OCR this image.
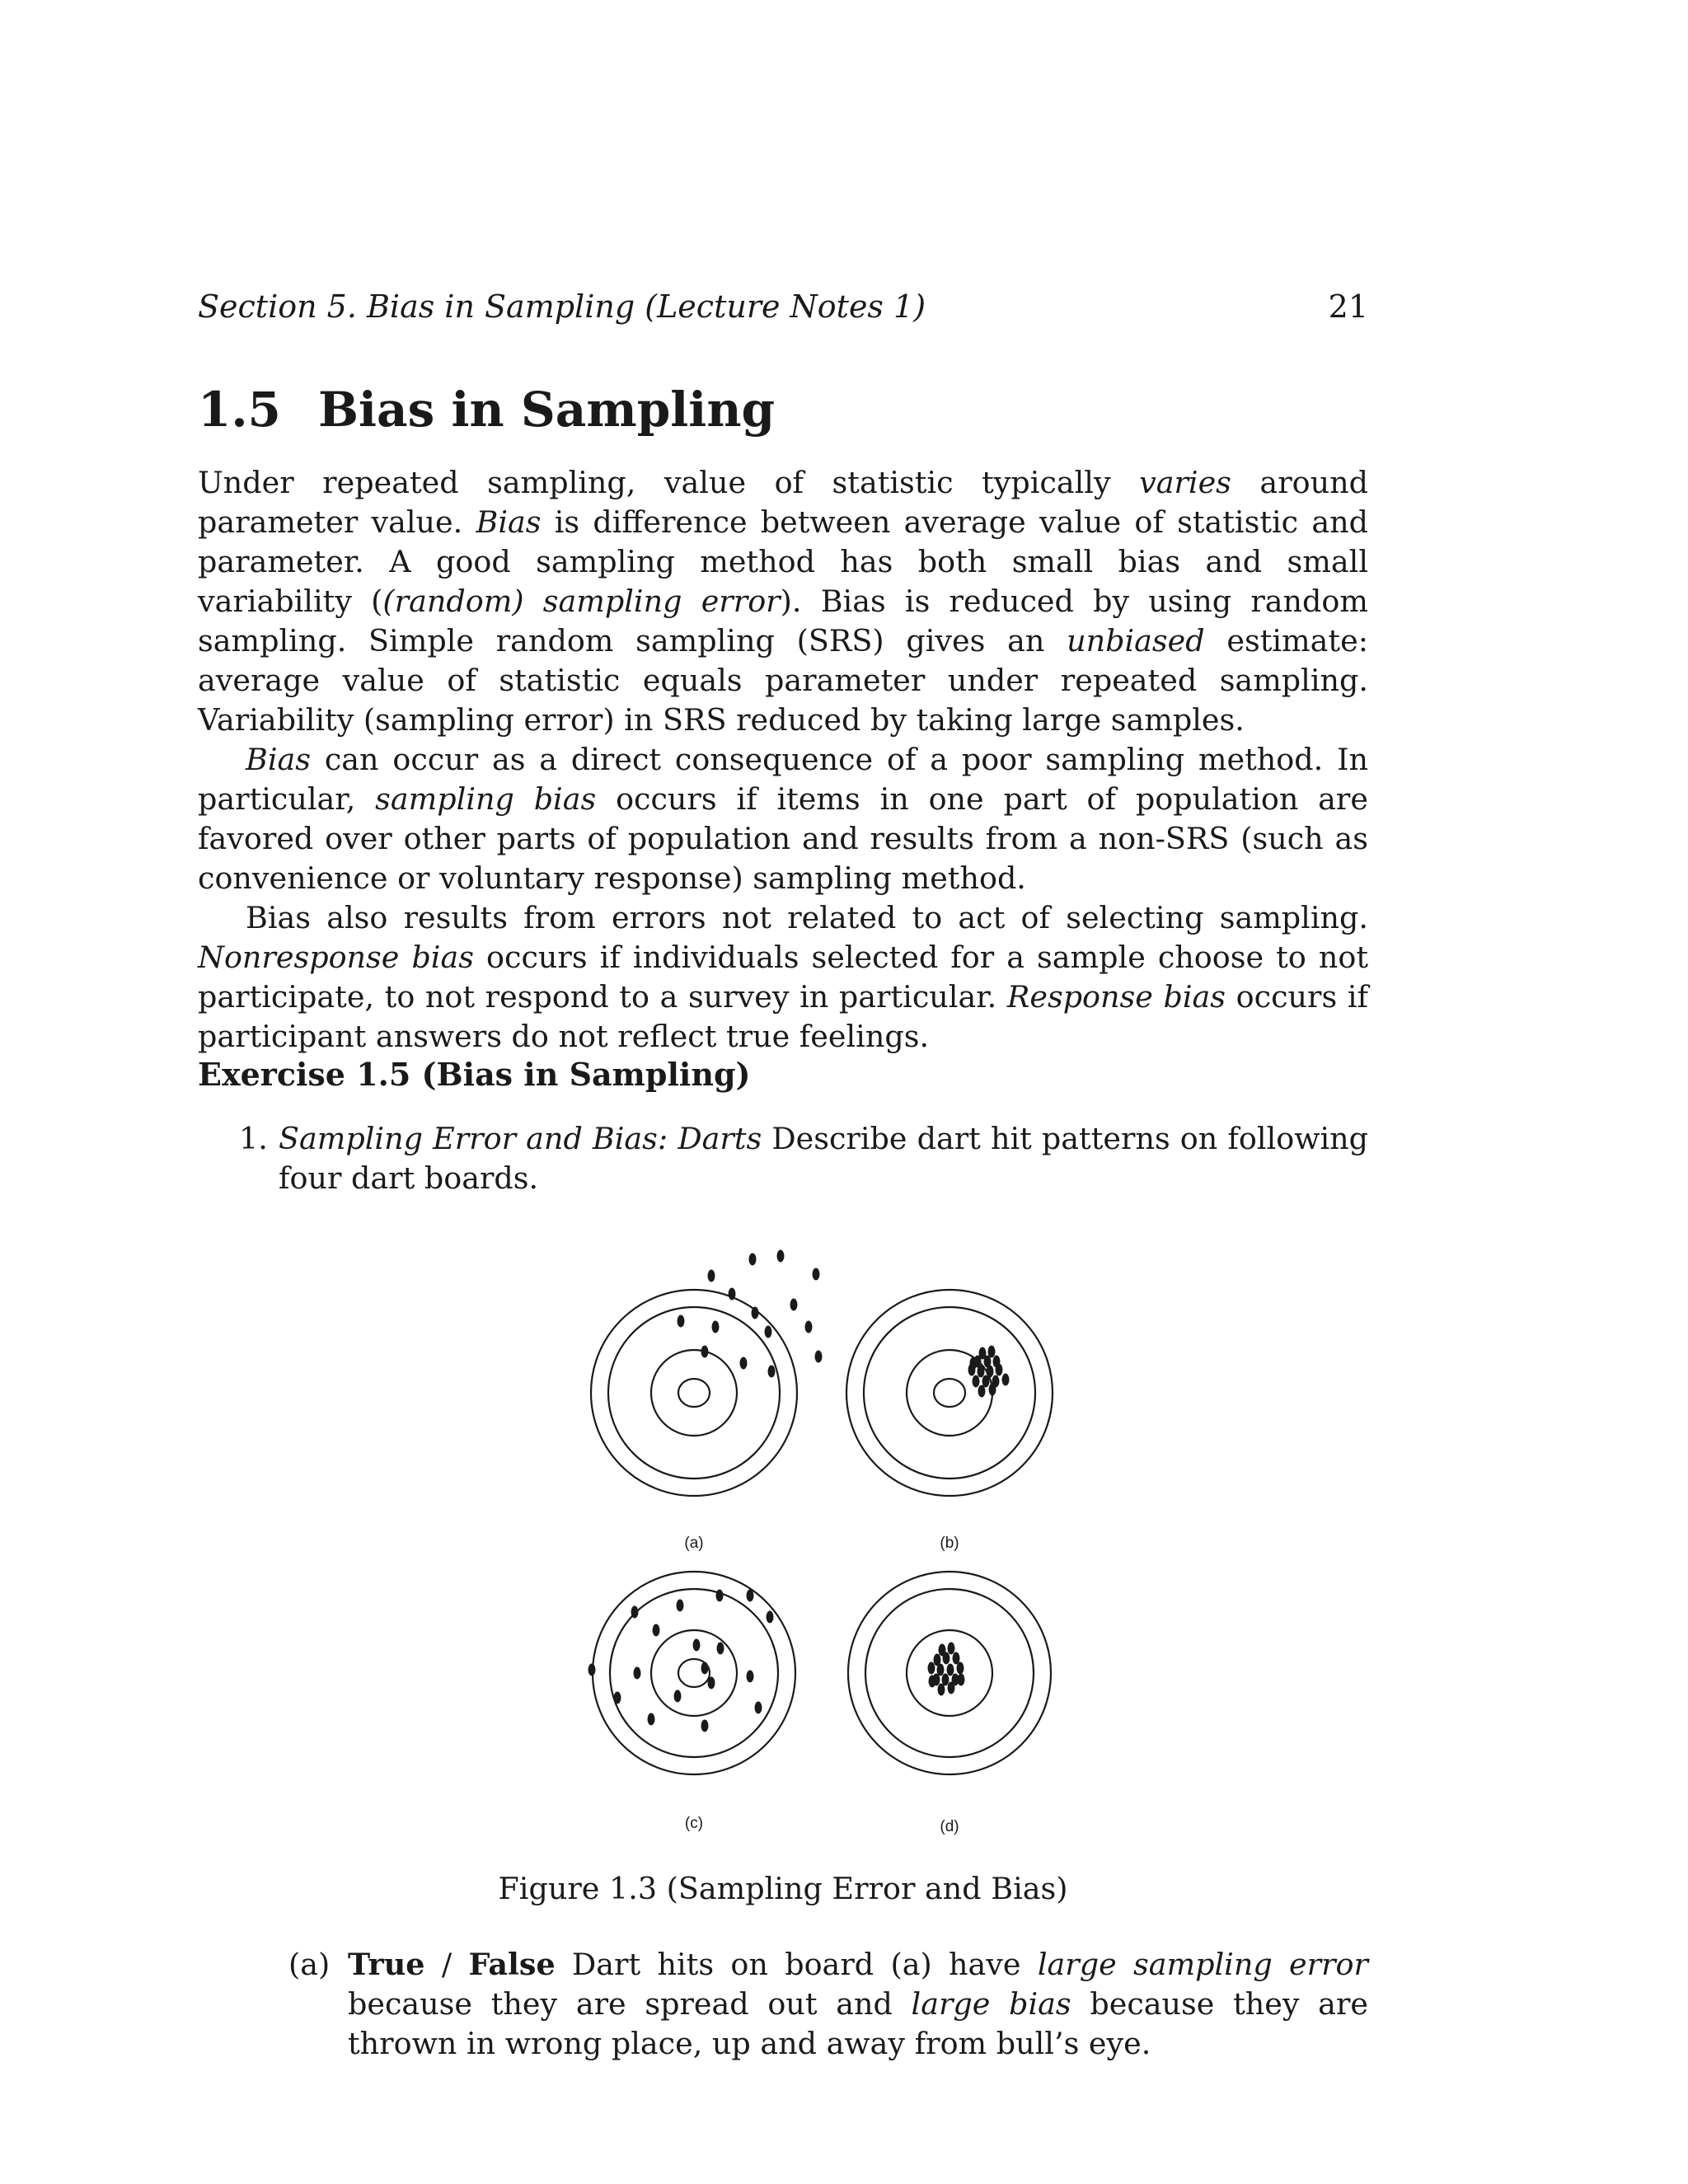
Section 5. Bias in Sampling (Lecture Notes 1)	21
1.5 Bias in Sampling

Under repeated sampling, value of statistic typically varies around parameter value. Bias is difference between average value of statistic and parameter. A good sampling method has both small bias and small variability ((random) sampling error). Bias is reduced by using random sampling. Simple random sampling (SRS) gives an unbiased estimate: average value of statistic equals parameter under repeated sampling. Variability (sampling error) in SRS reduced by taking large samples.

Bias can occur as a direct consequence of a poor sampling method. In particular, sampling bias occurs if items in one part of population are favored over other parts of population and results from a non-SRS (such as convenience or voluntary response) sampling method.

Bias also results from errors not related to act of selecting sampling. Nonresponse bias occurs if individuals selected for a sample choose to not participate, to not respond to a survey in particular. Response bias occurs if participant answers do not reflect true feelings.

Exercise 1.5 (Bias in Sampling)
1. Sampling Error and Bias: Darts Describe dart hit patterns on following four dart boards.
(a)	(b)
(c)	(d)
Figure 1.3 (Sampling Error and Bias)
(a) True / False Dart hits on board (a) have large sampling error because they are spread out and large bias because they are thrown in wrong place, up and away from bull’s eye.
